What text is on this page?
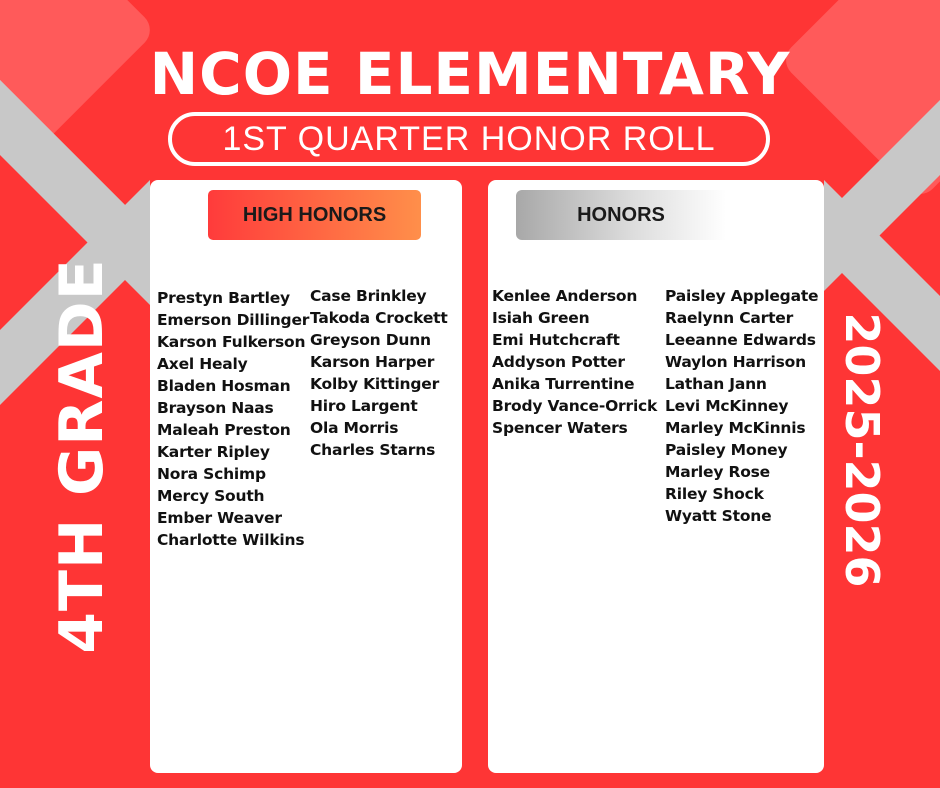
NCOE ELEMENTARY
1ST QUARTER HONOR ROLL
4TH GRADE	2025-2026
HIGH HONORS
Prestyn Bartley
Emerson Dillinger
Karson Fulkerson
Axel Healy
Bladen Hosman
Brayson Naas
Maleah Preston
Karter Ripley
Nora Schimp
Mercy South
Ember Weaver
Charlotte Wilkins
Case Brinkley
Takoda Crockett
Greyson Dunn
Karson Harper
Kolby Kittinger
Hiro Largent
Ola Morris
Charles Starns
HONORS
Kenlee Anderson
Isiah Green
Emi Hutchcraft
Addyson Potter
Anika Turrentine
Brody Vance-Orrick
Spencer Waters
Paisley Applegate
Raelynn Carter
Leeanne Edwards
Waylon Harrison
Lathan Jann
Levi McKinney
Marley McKinnis
Paisley Money
Marley Rose
Riley Shock
Wyatt Stone
